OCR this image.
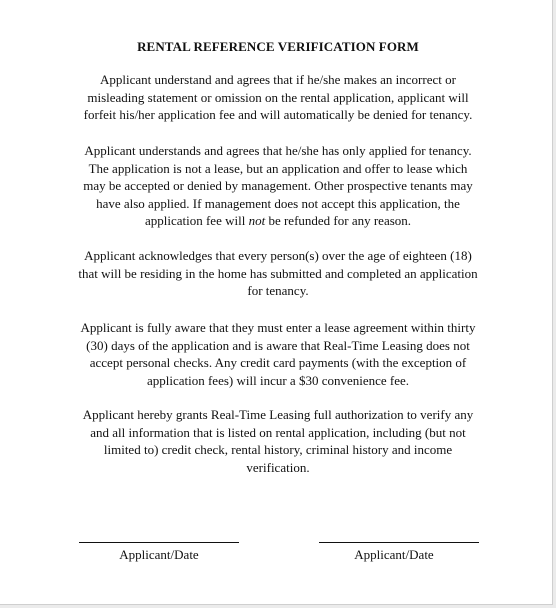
RENTAL REFERENCE VERIFICATION FORM
Applicant understand and agrees that if he/she makes an incorrect or
misleading statement or omission on the rental application, applicant will
forfeit his/her application fee and will automatically be denied for tenancy.
Applicant understands and agrees that he/she has only applied for tenancy.
The application is not a lease, but an application and offer to lease which
may be accepted or denied by management. Other prospective tenants may
have also applied. If management does not accept this application, the
application fee will not be refunded for any reason.
Applicant acknowledges that every person(s) over the age of eighteen (18)
that will be residing in the home has submitted and completed an application
for tenancy.
Applicant is fully aware that they must enter a lease agreement within thirty
(30) days of the application and is aware that Real-Time Leasing does not
accept personal checks. Any credit card payments (with the exception of
application fees) will incur a $30 convenience fee.
Applicant hereby grants Real-Time Leasing full authorization to verify any
and all information that is listed on rental application, including (but not
limited to) credit check, rental history, criminal history and income
verification.
Applicant/Date	Applicant/Date
